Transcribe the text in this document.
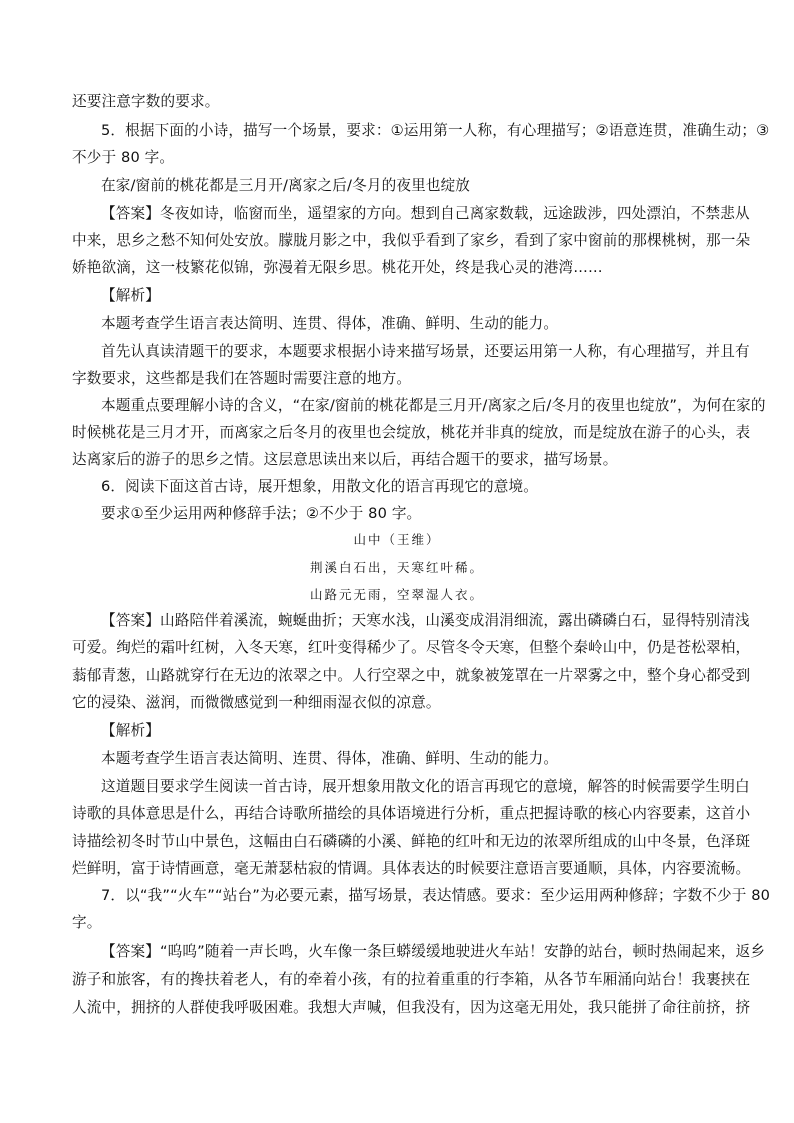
还要注意字数的要求。

5．根据下面的小诗，描写一个场景，要求：①运用第一人称，有心理描写；②语意连贯，准确生动；③

不少于 80 字。

在家/窗前的桃花都是三月开/离家之后/冬月的夜里也绽放

【答案】冬夜如诗，临窗而坐，遥望家的方向。想到自己离家数载，远途跋涉，四处漂泊，不禁悲从

中来，思乡之愁不知何处安放。朦胧月影之中，我似乎看到了家乡，看到了家中窗前的那棵桃树，那一朵

娇艳欲滴，这一枝繁花似锦，弥漫着无限乡思。桃花开处，终是我心灵的港湾……

【解析】

本题考查学生语言表达简明、连贯、得体，准确、鲜明、生动的能力。

首先认真读清题干的要求，本题要求根据小诗来描写场景，还要运用第一人称，有心理描写，并且有

字数要求，这些都是我们在答题时需要注意的地方。

本题重点要理解小诗的含义，“在家/窗前的桃花都是三月开/离家之后/冬月的夜里也绽放”，为何在家的

时候桃花是三月才开，而离家之后冬月的夜里也会绽放，桃花并非真的绽放，而是绽放在游子的心头，表

达离家后的游子的思乡之情。这层意思读出来以后，再结合题干的要求，描写场景。

6．阅读下面这首古诗，展开想象，用散文化的语言再现它的意境。

要求①至少运用两种修辞手法；②不少于 80 字。

山中（王维）

荆溪白石出，天寒红叶稀。

山路元无雨，空翠湿人衣。

【答案】山路陪伴着溪流，蜿蜒曲折；天寒水浅，山溪变成涓涓细流，露出磷磷白石，显得特别清浅

可爱。绚烂的霜叶红树，入冬天寒，红叶变得稀少了。尽管冬令天寒，但整个秦岭山中，仍是苍松翠柏，

蓊郁青葱，山路就穿行在无边的浓翠之中。人行空翠之中，就象被笼罩在一片翠雾之中，整个身心都受到

它的浸染、滋润，而微微感觉到一种细雨湿衣似的凉意。

【解析】

本题考查学生语言表达简明、连贯、得体，准确、鲜明、生动的能力。

这道题目要求学生阅读一首古诗，展开想象用散文化的语言再现它的意境，解答的时候需要学生明白

诗歌的具体意思是什么，再结合诗歌所描绘的具体语境进行分析，重点把握诗歌的核心内容要素，这首小

诗描绘初冬时节山中景色，这幅由白石磷磷的小溪、鲜艳的红叶和无边的浓翠所组成的山中冬景，色泽斑

烂鲜明，富于诗情画意，毫无萧瑟枯寂的情调。具体表达的时候要注意语言要通顺，具体，内容要流畅。

7．以“我”“火车”“站台”为必要元素，描写场景，表达情感。要求：至少运用两种修辞；字数不少于 80

字。

【答案】“呜呜”随着一声长鸣，火车像一条巨蟒缓缓地驶进火车站！安静的站台，顿时热闹起来，返乡

游子和旅客，有的搀扶着老人，有的牵着小孩，有的拉着重重的行李箱，从各节车厢涌向站台！我裹挟在

人流中，拥挤的人群使我呼吸困难。我想大声喊，但我没有，因为这毫无用处，我只能拼了命往前挤，挤
